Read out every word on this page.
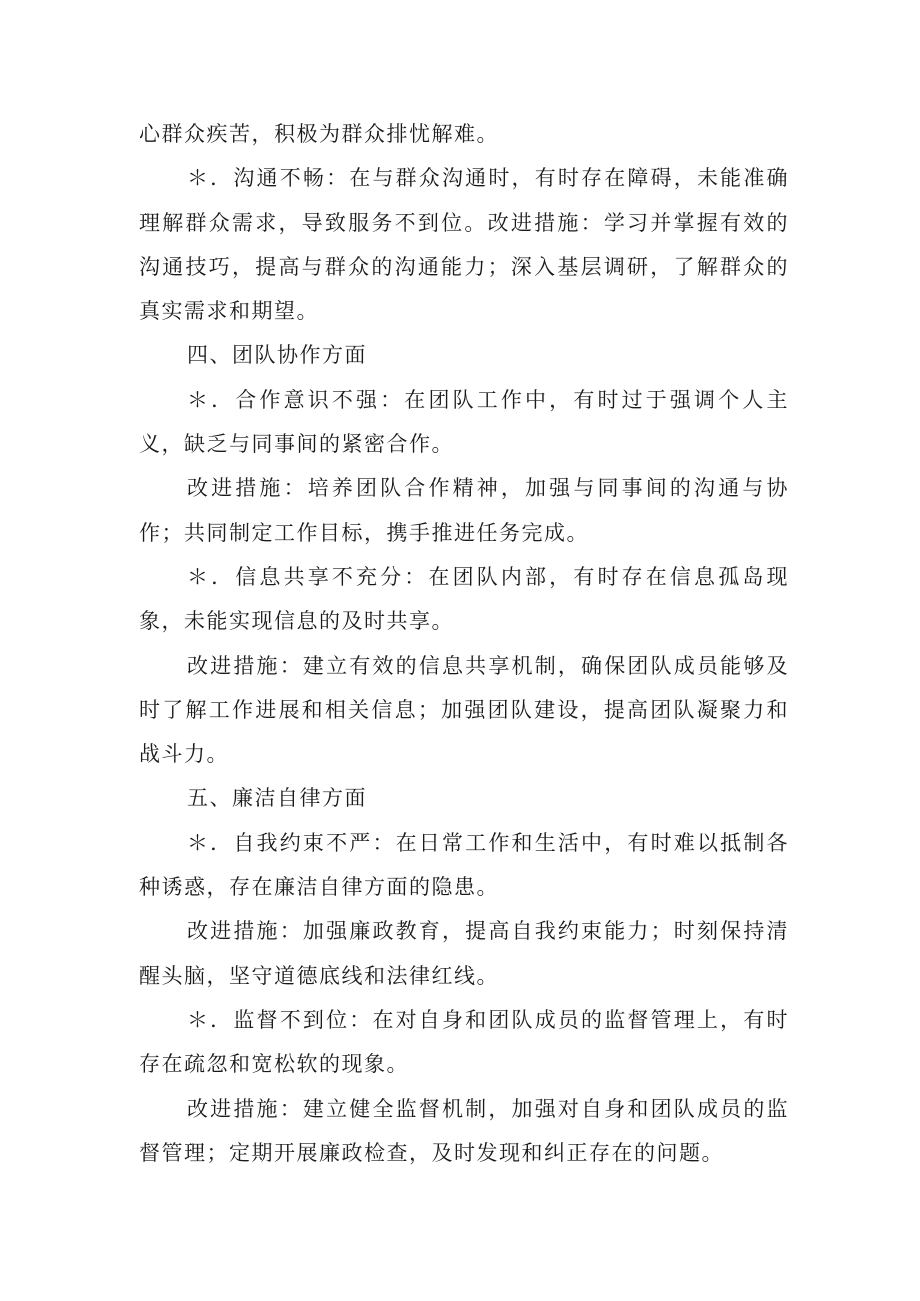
心群众疾苦，积极为群众排忧解难。

＊．沟通不畅：在与群众沟通时，有时存在障碍，未能准确理解群众需求，导致服务不到位。改进措施：学习并掌握有效的沟通技巧，提高与群众的沟通能力；深入基层调研，了解群众的真实需求和期望。

四、团队协作方面

＊．合作意识不强：在团队工作中，有时过于强调个人主义，缺乏与同事间的紧密合作。

改进措施：培养团队合作精神，加强与同事间的沟通与协作；共同制定工作目标，携手推进任务完成。

＊．信息共享不充分：在团队内部，有时存在信息孤岛现象，未能实现信息的及时共享。

改进措施：建立有效的信息共享机制，确保团队成员能够及时了解工作进展和相关信息；加强团队建设，提高团队凝聚力和战斗力。

五、廉洁自律方面

＊．自我约束不严：在日常工作和生活中，有时难以抵制各种诱惑，存在廉洁自律方面的隐患。

改进措施：加强廉政教育，提高自我约束能力；时刻保持清醒头脑，坚守道德底线和法律红线。

＊．监督不到位：在对自身和团队成员的监督管理上，有时存在疏忽和宽松软的现象。

改进措施：建立健全监督机制，加强对自身和团队成员的监督管理；定期开展廉政检查，及时发现和纠正存在的问题。
